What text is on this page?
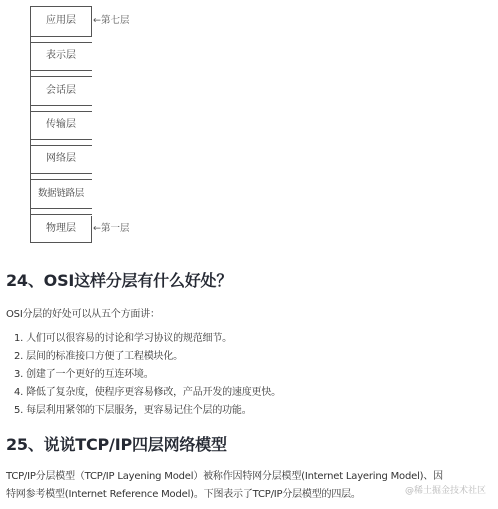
应用层
表示层
会话层
传输层
网络层
数据链路层
物理层
←第七层
←第一层
24、OSI这样分层有什么好处？

OSI分层的好处可以从五个方面讲：

1. 人们可以很容易的讨论和学习协议的规范细节。
2. 层间的标准接口方便了工程模块化。
3. 创建了一个更好的互连环境。
4. 降低了复杂度，使程序更容易修改，产品开发的速度更快。
5. 每层利用紧邻的下层服务，更容易记住个层的功能。
25、说说TCP/IP四层网络模型

TCP/IP分层模型（TCP/IP Layening Model）被称作因特网分层模型(Internet Layering Model)、因

特网参考模型(Internet Reference Model)。下图表示了TCP/IP分层模型的四层。	@稀土掘金技术社区
